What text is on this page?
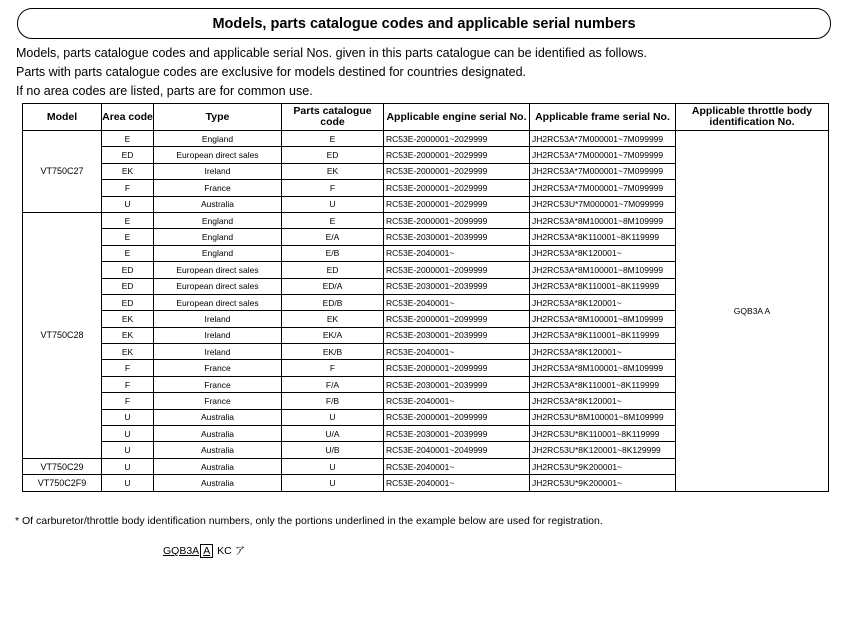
Models, parts catalogue codes and applicable serial numbers
Models, parts catalogue codes and applicable serial Nos. given in this parts catalogue can be identified as follows.
Parts with parts catalogue codes are exclusive for models destined for countries designated.
If no area codes are listed, parts are for common use.
Model	Area code	Type	Parts catalogue code	Applicable engine serial No.	Applicable frame serial No.	Applicable throttle body identification No.
VT750C27	E	England	E	RC53E-2000001~2029999	JH2RC53A*7M000001~7M099999	GQB3A A
	ED	European direct sales	ED	RC53E-2000001~2029999	JH2RC53A*7M000001~7M099999	
	EK	Ireland	EK	RC53E-2000001~2029999	JH2RC53A*7M000001~7M099999	
	F	France	F	RC53E-2000001~2029999	JH2RC53A*7M000001~7M099999	
	U	Australia	U	RC53E-2000001~2029999	JH2RC53U*7M000001~7M099999	
VT750C28	E	England	E	RC53E-2000001~2099999	JH2RC53A*8M100001~8M109999	
	E	England	E/A	RC53E-2030001~2039999	JH2RC53A*8K110001~8K119999	
	E	England	E/B	RC53E-2040001~	JH2RC53A*8K120001~	
	ED	European direct sales	ED	RC53E-2000001~2099999	JH2RC53A*8M100001~8M109999	
	ED	European direct sales	ED/A	RC53E-2030001~2039999	JH2RC53A*8K110001~8K119999	
	ED	European direct sales	ED/B	RC53E-2040001~	JH2RC53A*8K120001~	
	EK	Ireland	EK	RC53E-2000001~2099999	JH2RC53A*8M100001~8M109999	
	EK	Ireland	EK/A	RC53E-2030001~2039999	JH2RC53A*8K110001~8K119999	
	EK	Ireland	EK/B	RC53E-2040001~	JH2RC53A*8K120001~	
	F	France	F	RC53E-2000001~2099999	JH2RC53A*8M100001~8M109999	
	F	France	F/A	RC53E-2030001~2039999	JH2RC53A*8K110001~8K119999	
	F	France	F/B	RC53E-2040001~	JH2RC53A*8K120001~	
	U	Australia	U	RC53E-2000001~2099999	JH2RC53U*8M100001~8M109999	
	U	Australia	U/A	RC53E-2030001~2039999	JH2RC53U*8K110001~8K119999	
	U	Australia	U/B	RC53E-2040001~2049999	JH2RC53U*8K120001~8K129999	
VT750C29	U	Australia	U	RC53E-2040001~	JH2RC53U*9K200001~	
VT750C2F9	U	Australia	U	RC53E-2040001~	JH2RC53U*9K200001~	
* Of carburetor/throttle body identification numbers, only the portions underlined in the example below are used for registration.
GQB3A A KC ア
